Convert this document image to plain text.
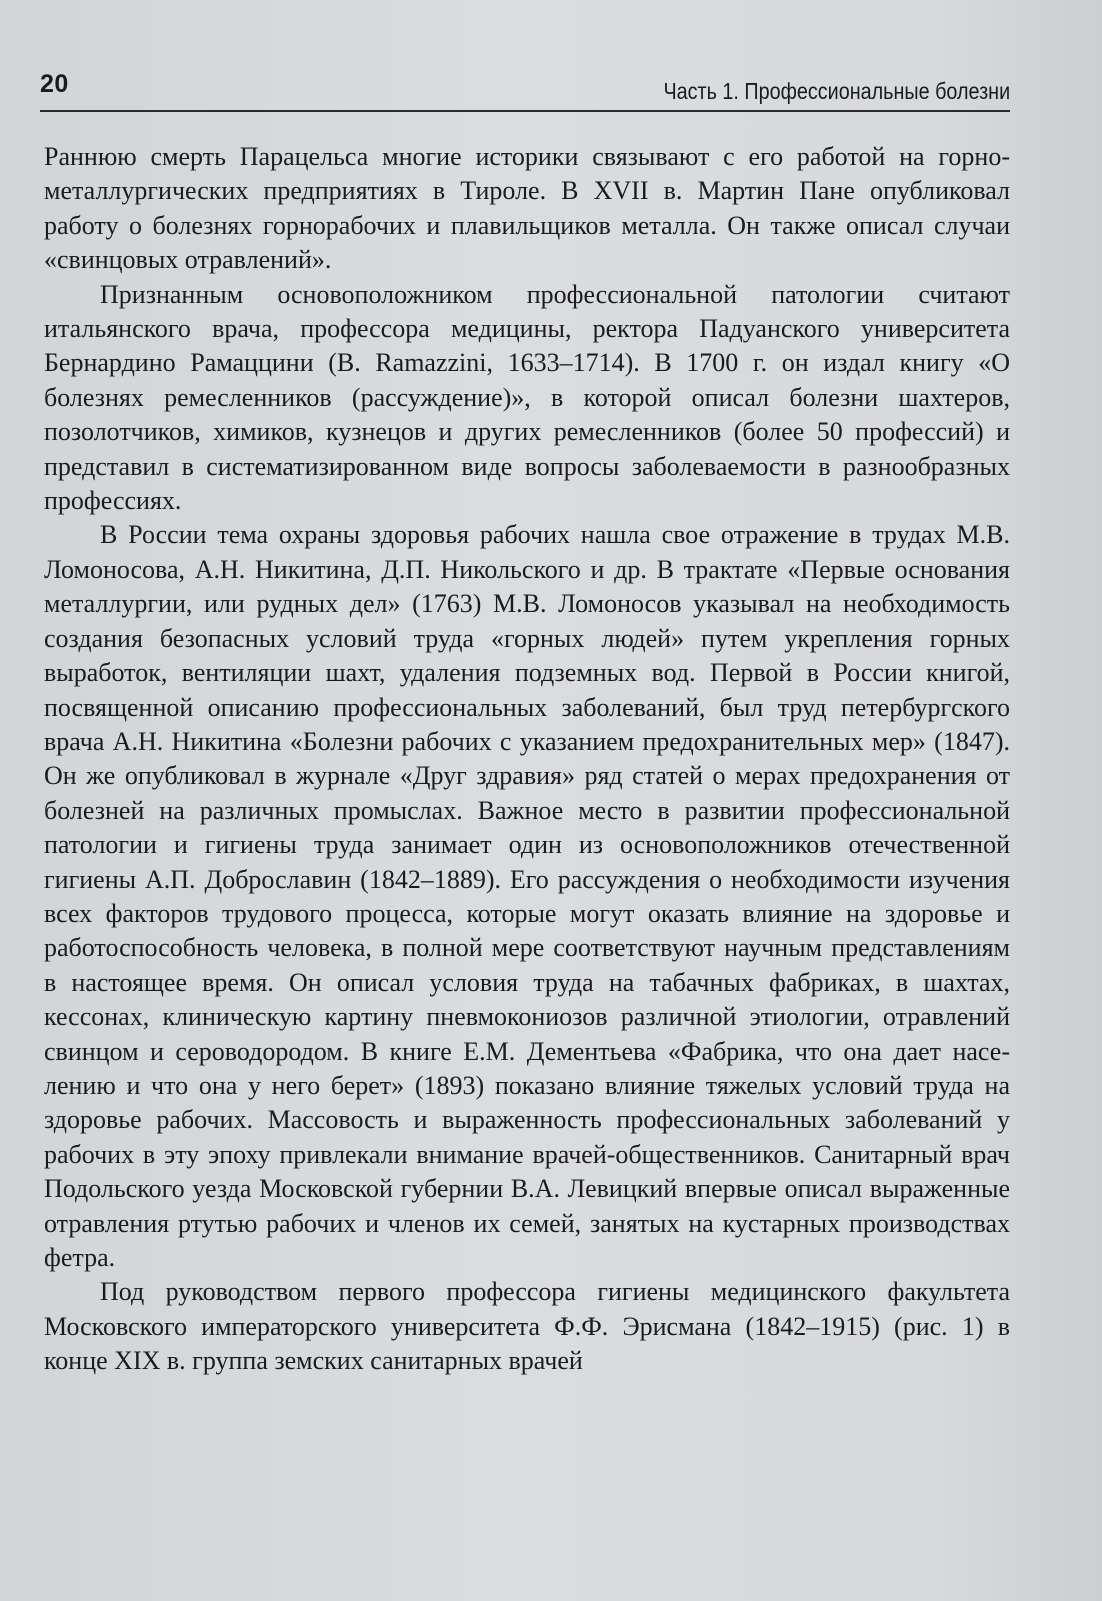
20	Часть 1. Профессиональные болезни

Раннюю смерть Парацельса многие историки связывают с его работой на горно-металлургических предприятиях в Тироле. В XVII в. Мартин Пане опубликовал работу о болезнях горнорабочих и плавильщиков металла. Он также описал случаи «свинцовых отравлений».

Признанным основоположником профессиональной патологии считают итальянского врача, профессора медицины, ректора Падуанского университета Бернардино Рамаццини (B. Ramazzini, 1633–1714). В 1700 г. он издал книгу «О болезнях ремесленников (рассуждение)», в которой описал болезни шахтеров, позолотчиков, химиков, кузнецов и других ремесленников (более 50 профессий) и представил в систематизированном виде вопросы заболеваемости в разнообразных профессиях.

В России тема охраны здоровья рабочих нашла свое отражение в трудах М.В. Ломоносова, А.Н. Никитина, Д.П. Никольского и др. В трактате «Первые основания металлургии, или рудных дел» (1763) М.В. Ломоносов указывал на необходимость создания безопасных условий труда «горных людей» путем укрепления горных выработок, вентиляции шахт, удаления подземных вод. Первой в России книгой, посвященной описанию профессиональных заболеваний, был труд петербургского врача А.Н. Никитина «Болезни рабочих с указанием предохранительных мер» (1847). Он же опубликовал в журнале «Друг здравия» ряд статей о мерах предохранения от болезней на различных промыслах. Важное место в развитии профессиональной патологии и гигиены труда занимает один из основоположников отечественной гигиены А.П. Доброславин (1842–1889). Его рассуждения о необходимости изучения всех факторов трудового процесса, которые могут оказать влияние на здоровье и работоспособность человека, в полной мере соответствуют научным представлениям в настоящее время. Он описал условия труда на табачных фабриках, в шахтах, кессонах, клиническую картину пневмокониозов различной этиологии, отравлений свинцом и сероводородом. В книге Е.М. Дементьева «Фабрика, что она дает населению и что она у него берет» (1893) показано влияние тяжелых условий труда на здоровье рабочих. Массовость и выраженность профессиональных заболеваний у рабочих в эту эпоху привлекали внимание врачей-общественников. Санитарный врач Подольского уезда Московской губернии В.А. Левицкий впервые описал выраженные отравления ртутью рабочих и членов их семей, занятых на кустарных производствах фетра.

Под руководством первого профессора гигиены медицинского факультета Московского императорского университета Ф.Ф. Эрисмана (1842–1915) (рис. 1) в конце XIX в. группа земских санитарных врачей
